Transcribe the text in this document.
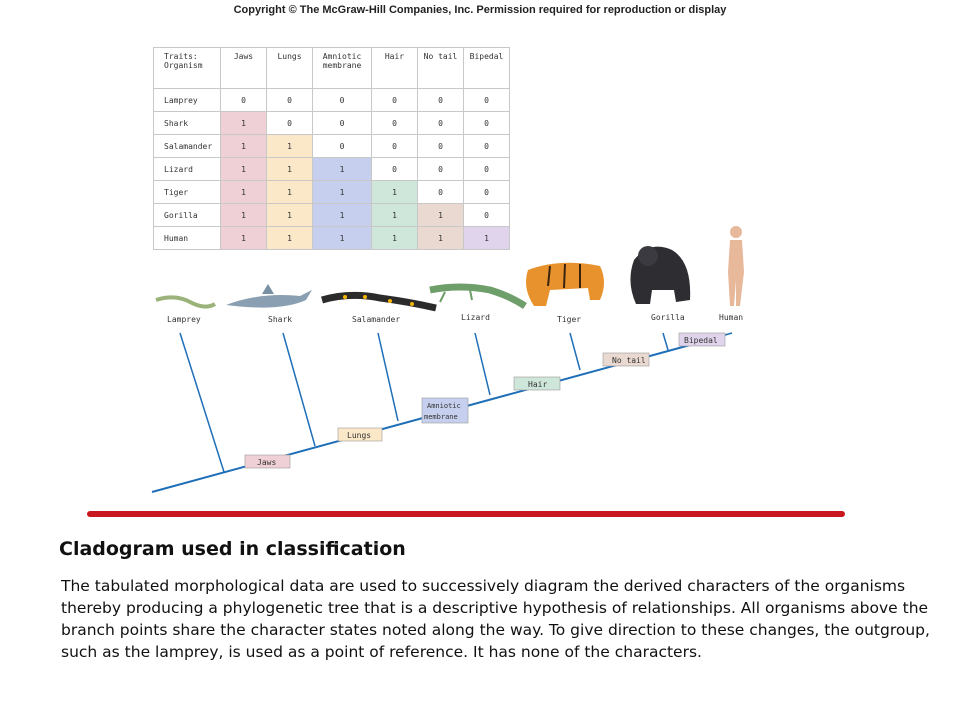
Copyright © The McGraw-Hill Companies, Inc. Permission required for reproduction or display
Traits:
Organism	Jaws	Lungs	Amniotic membrane	Hair	No tail	Bipedal
Lamprey	0	0	0	0	0	0
Shark	1	0	0	0	0	0
Salamander	1	1	0	0	0	0
Lizard	1	1	1	0	0	0
Tiger	1	1	1	1	0	0
Gorilla	1	1	1	1	1	0
Human	1	1	1	1	1	1
Lamprey	Shark	Salamander	Lizard	Tiger	Gorilla	Human
Jaws
Lungs
Amniotic
membrane
Hair
No tail
Bipedal
Cladogram used in classification
The tabulated morphological data are used to successively diagram the derived characters of the organisms thereby producing a phylogenetic tree that is a descriptive hypothesis of relationships. All organisms above the branch points share the character states noted along the way. To give direction to these changes, the outgroup, such as the lamprey, is used as a point of reference. It has none of the characters.
